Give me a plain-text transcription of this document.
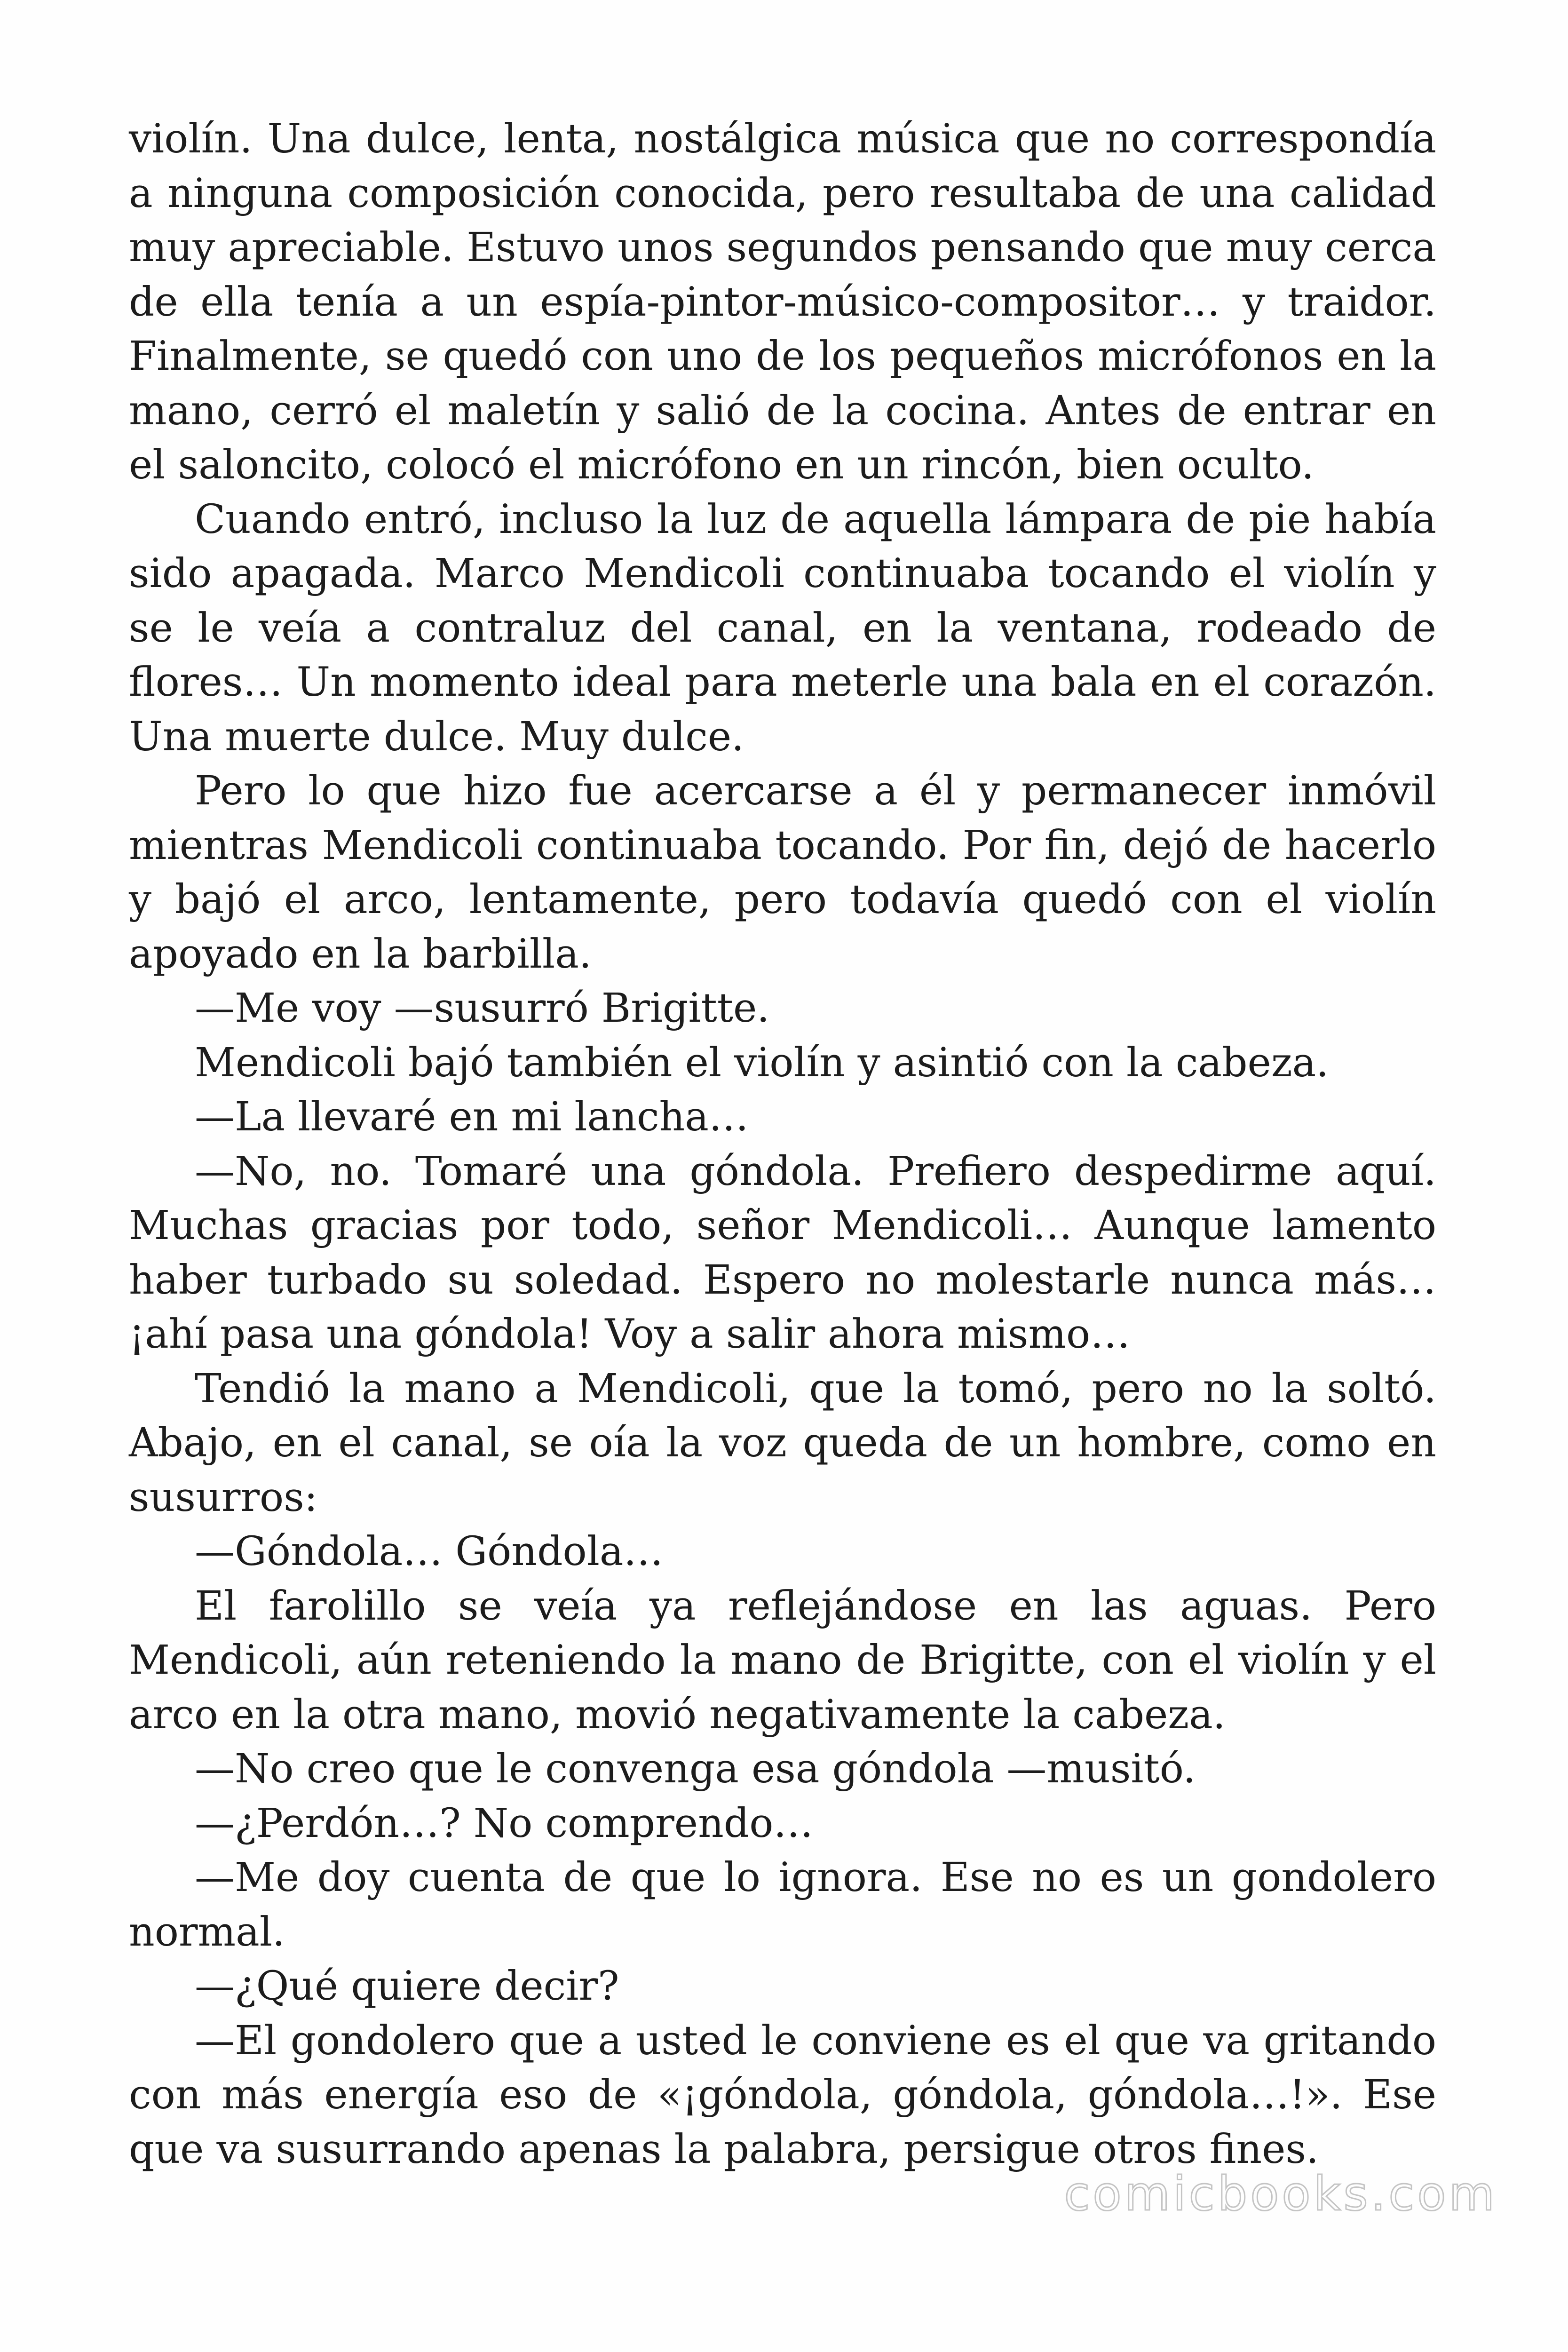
violín. Una dulce, lenta, nostálgica música que no correspondía a ninguna composición conocida, pero resultaba de una calidad muy apreciable. Estuvo unos segundos pensando que muy cerca de ella tenía a un espía-pintor-músico-compositor… y traidor. Finalmente, se quedó con uno de los pequeños micrófonos en la mano, cerró el maletín y salió de la cocina. Antes de entrar en el saloncito, colocó el micrófono en un rincón, bien oculto.

Cuando entró, incluso la luz de aquella lámpara de pie había sido apagada. Marco Mendicoli continuaba tocando el violín y se le veía a contraluz del canal, en la ventana, rodeado de flores… Un momento ideal para meterle una bala en el corazón. Una muerte dulce. Muy dulce.

Pero lo que hizo fue acercarse a él y permanecer inmóvil mientras Mendicoli continuaba tocando. Por fin, dejó de hacerlo y bajó el arco, lentamente, pero todavía quedó con el violín apoyado en la barbilla.

—Me voy —susurró Brigitte.

Mendicoli bajó también el violín y asintió con la cabeza.

—La llevaré en mi lancha…

—No, no. Tomaré una góndola. Prefiero despedirme aquí. Muchas gracias por todo, señor Mendicoli… Aunque lamento haber turbado su soledad. Espero no molestarle nunca más… ¡ahí pasa una góndola! Voy a salir ahora mismo…

Tendió la mano a Mendicoli, que la tomó, pero no la soltó. Abajo, en el canal, se oía la voz queda de un hombre, como en susurros:

—Góndola… Góndola…

El farolillo se veía ya reflejándose en las aguas. Pero Mendicoli, aún reteniendo la mano de Brigitte, con el violín y el arco en la otra mano, movió negativamente la cabeza.

—No creo que le convenga esa góndola —musitó.

—¿Perdón…? No comprendo…

—Me doy cuenta de que lo ignora. Ese no es un gondolero normal.

—¿Qué quiere decir?

—El gondolero que a usted le conviene es el que va gritando con más energía eso de «¡góndola, góndola, góndola…!». Ese que va susurrando apenas la palabra, persigue otros fines.

comicbooks.com
